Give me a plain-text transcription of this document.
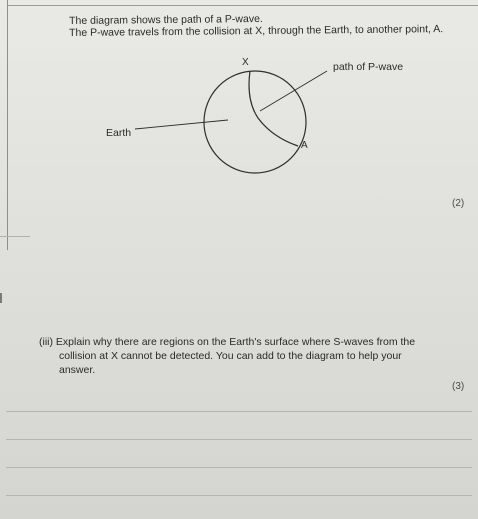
The diagram shows the path of a P-wave.
The P-wave travels from the collision at X, through the Earth, to another point, A.
X
A
path of P-wave
Earth
(2)
(iii) Explain why there are regions on the Earth's surface where S-waves from the
collision at X cannot be detected. You can add to the diagram to help your
answer.
(3)
